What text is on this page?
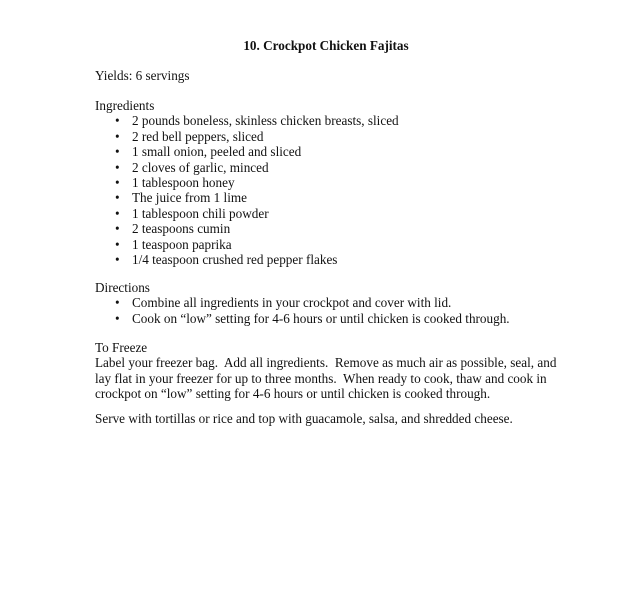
10. Crockpot Chicken Fajitas
Yields: 6 servings
Ingredients
• 2 pounds boneless, skinless chicken breasts, sliced
• 2 red bell peppers, sliced
• 1 small onion, peeled and sliced
• 2 cloves of garlic, minced
• 1 tablespoon honey
• The juice from 1 lime
• 1 tablespoon chili powder
• 2 teaspoons cumin
• 1 teaspoon paprika
• 1/4 teaspoon crushed red pepper flakes
Directions
• Combine all ingredients in your crockpot and cover with lid.
• Cook on “low” setting for 4-6 hours or until chicken is cooked through.
To Freeze
Label your freezer bag.  Add all ingredients.  Remove as much air as possible, seal, and
lay flat in your freezer for up to three months.  When ready to cook, thaw and cook in
crockpot on “low” setting for 4-6 hours or until chicken is cooked through.
Serve with tortillas or rice and top with guacamole, salsa, and shredded cheese.
